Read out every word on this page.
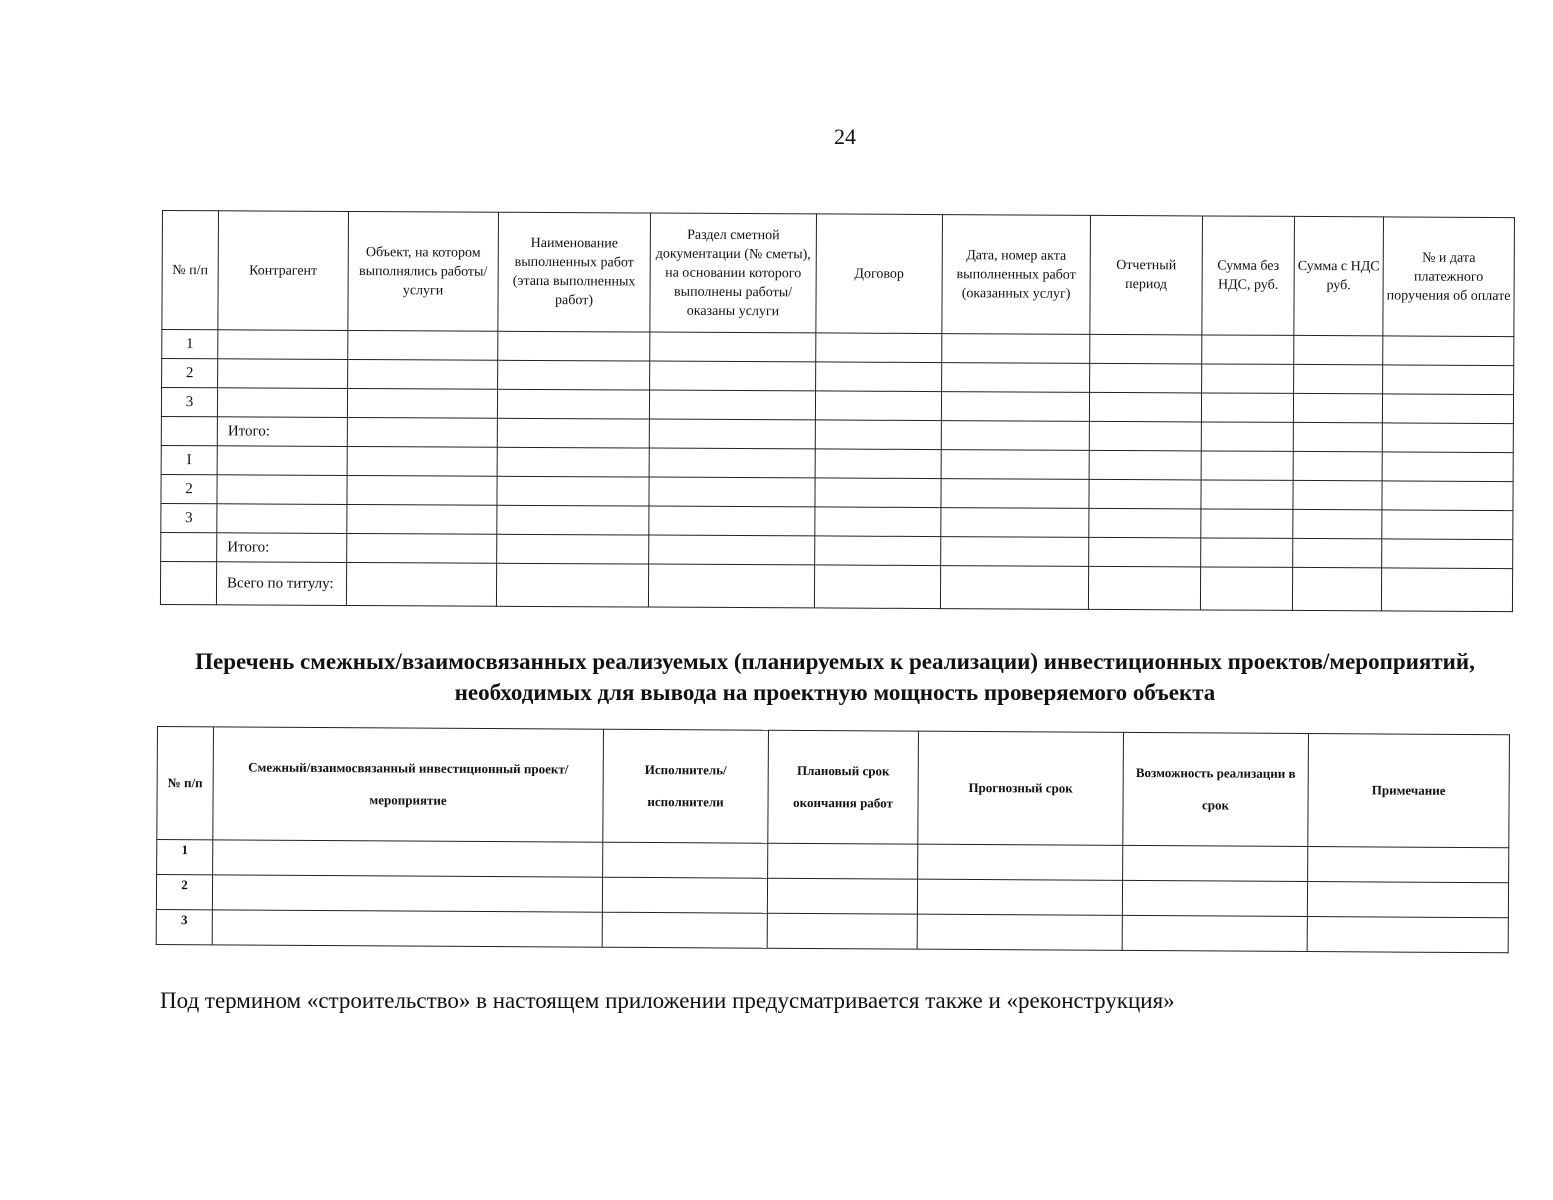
24
№ п/п	Контрагент	Объект, на котором выполнялись работы/услуги	Наименование выполненных работ (этапа выполненных работ)	Раздел сметной документации (№ сметы), на основании которого выполнены работы/оказаны услуги	Договор	Дата, номер акта выполненных работ (оказанных услуг)	Отчетный период	Сумма без НДС, руб.	Сумма с НДС руб.	№ и дата платежного поручения об оплате
1										
2										
3										
	Итого:									
I										
2										
3										
	Итого:									
	Всего по титулу:									
Перечень смежных/взаимосвязанных реализуемых (планируемых к реализации) инвестиционных проектов/мероприятий, необходимых для вывода на проектную мощность проверяемого объекта
№ п/п	Смежный/взаимосвязанный инвестиционный проект/мероприятие	Исполнитель/ исполнители	Плановый срок окончания работ	Прогнозный срок	Возможность реализации в срок	Примечание
1						
2						
3						
Под термином «строительство» в настоящем приложении предусматривается также и «реконструкция»
